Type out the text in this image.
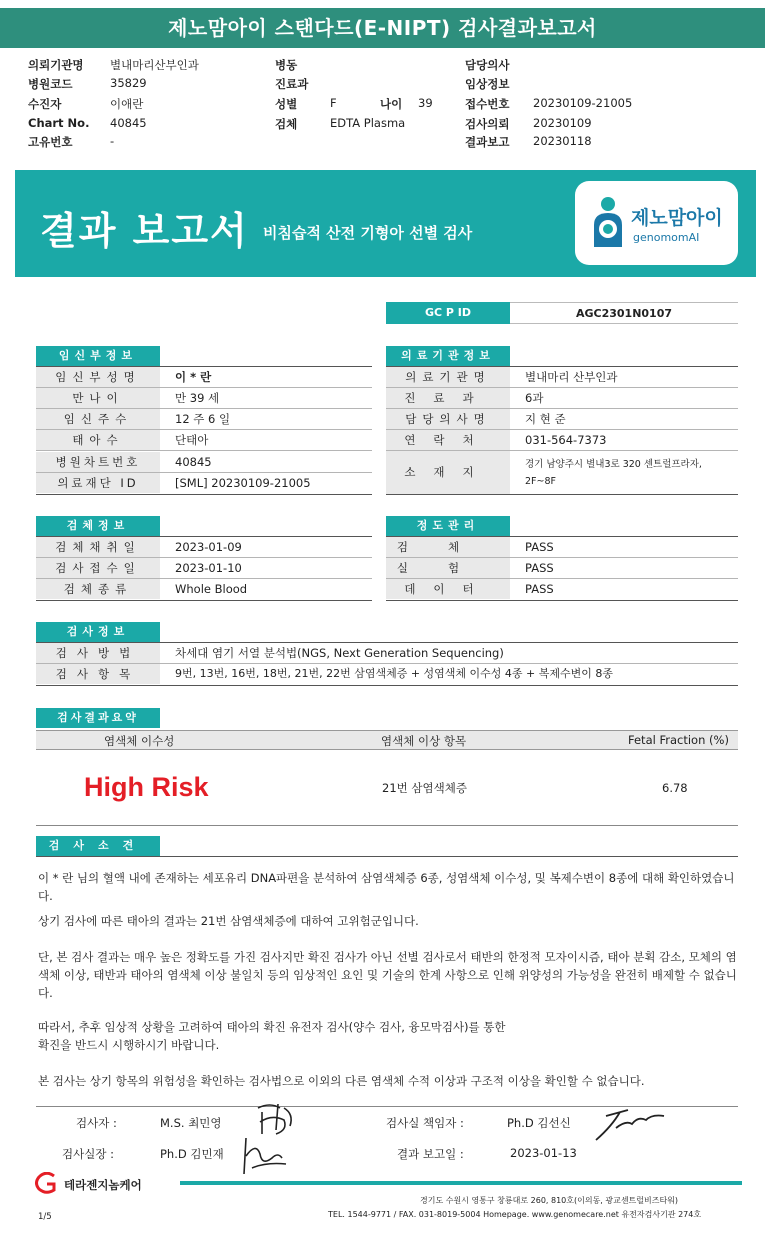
제노맘아이 스탠다드(E-NIPT) 검사결과보고서
의뢰기관명 별내마리산부인과
병원코드	35829
수진자	이애란
Chart No. 40845
고유번호	-
병동
진료과
성별	F	나이 39
검체	EDTA Plasma
담당의사
임상정보
접수번호 20230109-21005
검사의뢰 20230109
결과보고 20230118
결과 보고서 비침습적 산전 기형아 선별 검사
제노맘아이
genomomAI
GC P ID	AGC2301N0107
임신부정보
임신부성명	이 * 란
만나이	만 39 세
임신주수	12 주 6 일
태아수	단태아
병원차트번호	40845
의료재단 ID	[SML] 20230109-21005
의료기관정보
의료기관명	별내마리 산부인과
진료과	6과
담당의사명	지 현 준
연락처	031-564-7373
소재지
경기 남양주시 별내3로 320 센트럴프라자,
2F~8F
검체정보
검체채취일	2023-01-09
검사접수일	2023-01-10
검체종류	Whole Blood
정도관리
검체	PASS
실험	PASS
데이터	PASS
검사정보
검사방법	차세대 염기 서열 분석법(NGS, Next Generation Sequencing)
검사항목	9번, 13번, 16번, 18번, 21번, 22번 삼염색체증 + 성염색체 이수성 4종 + 복제수변이 8종
검사결과요약
염색체 이수성	염색체 이상 항목	Fetal Fraction (%)
High Risk	21번 삼염색체증	6.78
검사소견
이 * 란 님의 혈액 내에 존재하는 세포유리 DNA파편을 분석하여 삼염색체증 6종, 성염색체 이수성, 및 복제수변이 8종에 대해 확인하였습니다.
상기 검사에 따른 태아의 결과는 21번 삼염색체증에 대하여 고위험군입니다.
단, 본 검사 결과는 매우 높은 정확도를 가진 검사지만 확진 검사가 아닌 선별 검사로서 태반의 한정적 모자이시즘, 태아 분획 감소, 모체의 염색체 이상, 태반과 태아의 염색체 이상 불일치 등의 임상적인 요인 및 기술의 한계 사항으로 인해 위양성의 가능성을 완전히 배제할 수 없습니다.
따라서, 추후 임상적 상황을 고려하여 태아의 확진 유전자 검사(양수 검사, 융모막검사)를 통한
확진을 반드시 시행하시기 바랍니다.
본 검사는 상기 항목의 위험성을 확인하는 검사법으로 이외의 다른 염색체 수적 이상과 구조적 이상을 확인할 수 없습니다.
검사자 :	M.S. 최민영	검사실 책임자 :	Ph.D 김선신
검사실장 :	Ph.D 김민재	결과 보고일 :	2023-01-13
테라젠지놈케어
경기도 수원시 영통구 창룡대로 260, 810호(이의동, 광교센트럴비즈타워)
TEL. 1544-9771 / FAX. 031-8019-5004 Homepage. www.genomecare.net 유전자검사기관 274호
1/5
